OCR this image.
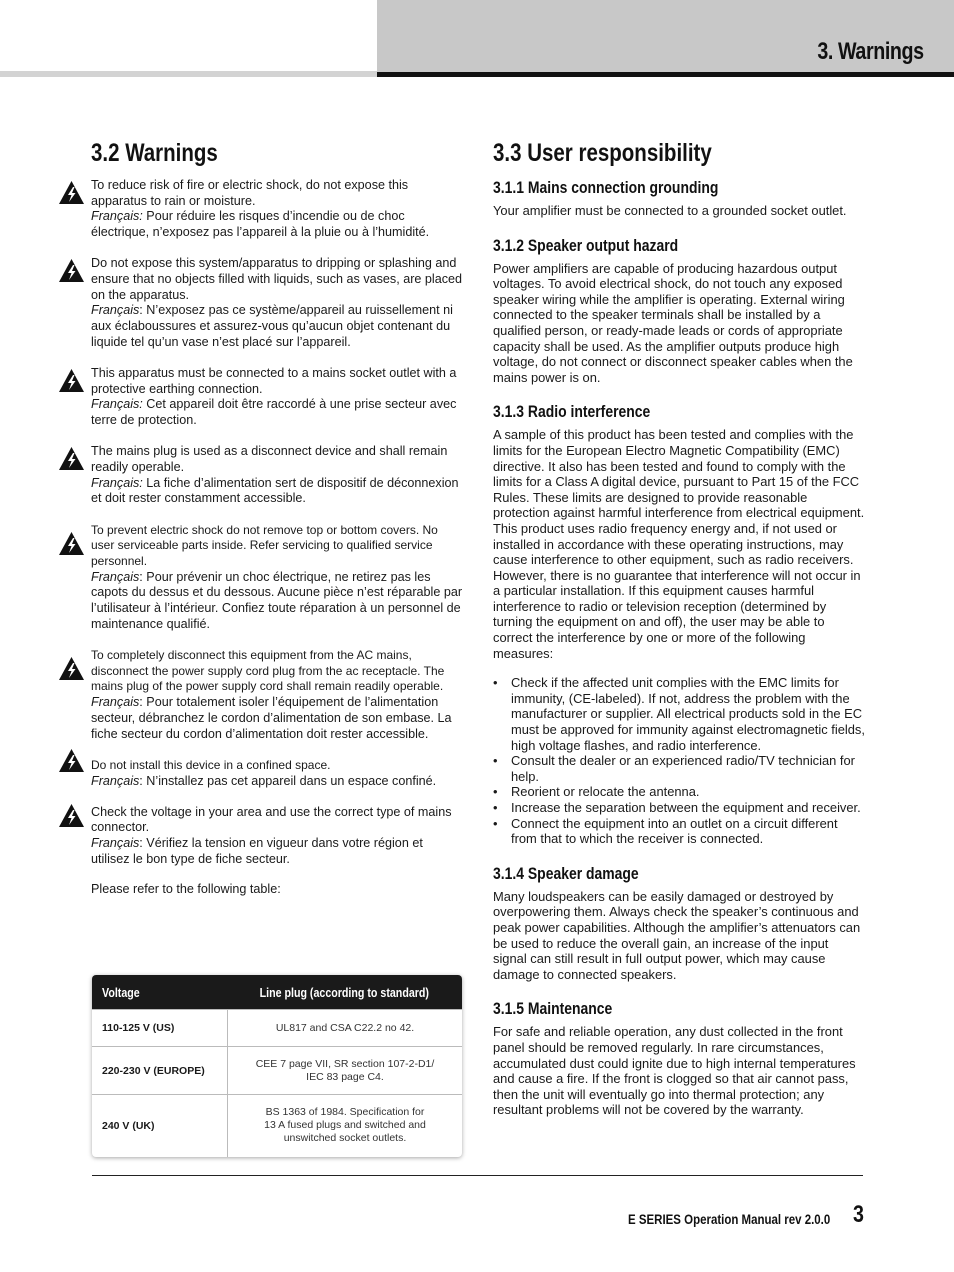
3. Warnings
3.2 Warnings

To reduce risk of fire or electric shock, do not expose this apparatus to rain or moisture.
Français: Pour réduire les risques d’incendie ou de choc électrique, n’exposez pas l’appareil à la pluie ou à l’humidité.

Do not expose this system/apparatus to dripping or splashing and ensure that no objects filled with liquids, such as vases, are placed on the apparatus.
Français: N’exposez pas ce système/appareil au ruissellement ni aux éclaboussures et assurez-vous qu’aucun objet contenant du liquide tel qu’un vase n’est placé sur l’appareil.

This apparatus must be connected to a mains socket outlet with a protective earthing connection.
Français: Cet appareil doit être raccordé à une prise secteur avec terre de protection.

The mains plug is used as a disconnect device and shall remain readily operable.
Français: La fiche d’alimentation sert de dispositif de déconnexion et doit rester constamment accessible.

To prevent electric shock do not remove top or bottom covers. No user serviceable parts inside. Refer servicing to qualified service personnel.
Français: Pour prévenir un choc électrique, ne retirez pas les capots du dessus et du dessous. Aucune pièce n’est réparable par l’utilisateur à l’intérieur. Confiez toute réparation à un personnel de maintenance qualifié.

To completely disconnect this equipment from the AC mains, disconnect the power supply cord plug from the ac receptacle. The mains plug of the power supply cord shall remain readily operable.
Français: Pour totalement isoler l’équipement de l’alimentation secteur, débranchez le cordon d’alimentation de son embase. La fiche secteur du cordon d’alimentation doit rester accessible.

Do not install this device in a confined space.
Français: N’installez pas cet appareil dans un espace confiné.

Check the voltage in your area and use the correct type of mains connector.
Français: Vérifiez la tension en vigueur dans votre région et utilisez le bon type de fiche secteur.

Please refer to the following table:
Voltage	Line plug (according to standard)
110-125 V (US)	UL817 and CSA C22.2 no 42.
220-230 V (EUROPE)	CEE 7 page VII, SR section 107-2-D1/
IEC 83 page C4.
240 V (UK)	BS 1363 of 1984. Specification for
13 A fused plugs and switched and
unswitched socket outlets.
3.3 User responsibility
3.1.1 Mains connection grounding

Your amplifier must be connected to a grounded socket outlet.

3.1.2 Speaker output hazard

Power amplifiers are capable of producing hazardous output voltages. To avoid electrical shock, do not touch any exposed speaker wiring while the amplifier is operating. External wiring connected to the speaker terminals shall be installed by a qualified person, or ready-made leads or cords of appropriate capacity shall be used. As the amplifier outputs produce high voltage, do not connect or disconnect speaker cables when the mains power is on.

3.1.3 Radio interference

A sample of this product has been tested and complies with the limits for the European Electro Magnetic Compatibility (EMC) directive. It also has been tested and found to comply with the limits for a Class A digital device, pursuant to Part 15 of the FCC Rules. These limits are designed to provide reasonable protection against harmful interference from electrical equipment. This product uses radio frequency energy and, if not used or installed in accordance with these operating instructions, may cause interference to other equipment, such as radio receivers. However, there is no guarantee that interference will not occur in a particular installation. If this equipment causes harmful interference to radio or television reception (determined by turning the equipment on and off), the user may be able to correct the interference by one or more of the following measures:

• Check if the affected unit complies with the EMC limits for immunity, (CE-labeled). If not, address the problem with the manufacturer or supplier. All electrical products sold in the EC must be approved for immunity against electromagnetic fields, high voltage flashes, and radio interference.
• Consult the dealer or an experienced radio/TV technician for help.
• Reorient or relocate the antenna.
• Increase the separation between the equipment and receiver.
• Connect the equipment into an outlet on a circuit different from that to which the receiver is connected.
3.1.4 Speaker damage

Many loudspeakers can be easily damaged or destroyed by overpowering them. Always check the speaker’s continuous and peak power capabilities. Although the amplifier’s attenuators can be used to reduce the overall gain, an increase of the input signal can still result in full output power, which may cause damage to connected speakers.

3.1.5 Maintenance

For safe and reliable operation, any dust collected in the front panel should be removed regularly. In rare circumstances, accumulated dust could ignite due to high internal temperatures and cause a fire. If the front is clogged so that air cannot pass, then the unit will eventually go into thermal protection; any resultant problems will not be covered by the warranty.

E SERIES Operation Manual rev 2.0.0 3
